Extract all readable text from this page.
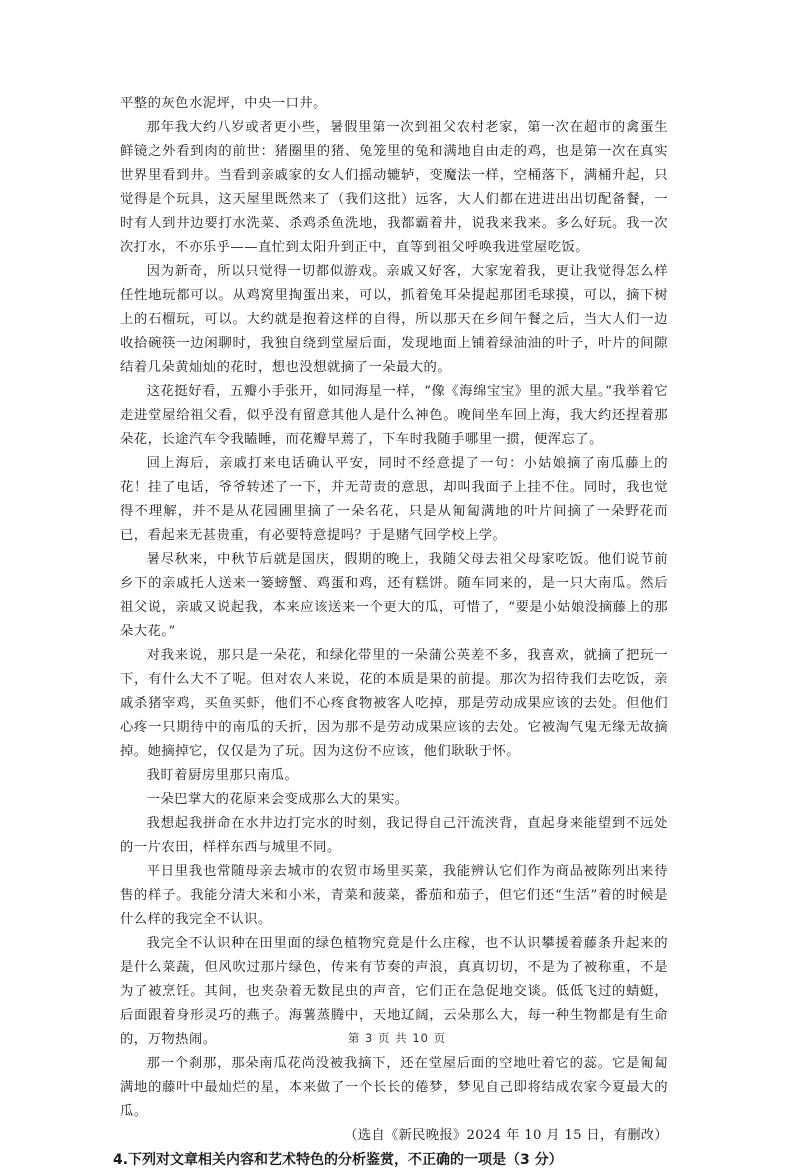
平整的灰色水泥坪，中央一口井。

那年我大约八岁或者更小些，暑假里第一次到祖父农村老家，第一次在超市的禽蛋生鲜镜之外看到肉的前世：猪圈里的猪、兔笼里的兔和满地自由走的鸡，也是第一次在真实世界里看到井。当看到亲戚家的女人们摇动辘轳，变魔法一样，空桶落下，满桶升起，只觉得是个玩具，这天屋里既然来了（我们这批）远客，大人们都在进进出出切配备餐，一时有人到井边要打水洗菜、杀鸡杀鱼洗地，我都霸着井，说我来我来。多么好玩。我一次次打水，不亦乐乎——直忙到太阳升到正中，直等到祖父呼唤我进堂屋吃饭。

因为新奇，所以只觉得一切都似游戏。亲戚又好客，大家宠着我，更让我觉得怎么样任性地玩都可以。从鸡窝里掏蛋出来，可以，抓着兔耳朵提起那团毛球摸，可以，摘下树上的石榴玩，可以。大约就是抱着这样的自得，所以那天在乡间午餐之后，当大人们一边收拾碗筷一边闲聊时，我独自绕到堂屋后面，发现地面上铺着绿油油的叶子，叶片的间隙结着几朵黄灿灿的花时，想也没想就摘了一朵最大的。

这花挺好看，五瓣小手张开，如同海星一样，“像《海绵宝宝》里的派大星。”我举着它走进堂屋给祖父看，似乎没有留意其他人是什么神色。晚间坐车回上海，我大约还捏着那朵花，长途汽车令我瞌睡，而花瓣早蔫了，下车时我随手哪里一掼，便浑忘了。

回上海后，亲戚打来电话确认平安，同时不经意提了一句：小姑娘摘了南瓜藤上的花！挂了电话，爷爷转述了一下，并无苛责的意思，却叫我面子上挂不住。同时，我也觉得不理解，并不是从花园圃里摘了一朵名花，只是从匍匐满地的叶片间摘了一朵野花而已，看起来无甚贵重，有必要特意提吗？于是赌气回学校上学。

暑尽秋来，中秋节后就是国庆，假期的晚上，我随父母去祖父母家吃饭。他们说节前乡下的亲戚托人送来一篓螃蟹、鸡蛋和鸡，还有糕饼。随车同来的，是一只大南瓜。然后祖父说，亲戚又说起我，本来应该送来一个更大的瓜，可惜了，“要是小姑娘没摘藤上的那朵大花。”

对我来说，那只是一朵花，和绿化带里的一朵蒲公英差不多，我喜欢，就摘了把玩一下，有什么大不了呢。但对农人来说，花的本质是果的前提。那次为招待我们去吃饭，亲戚杀猪宰鸡，买鱼买虾，他们不心疼食物被客人吃掉，那是劳动成果应该的去处。但他们心疼一只期待中的南瓜的夭折，因为那不是劳动成果应该的去处。它被淘气鬼无缘无故摘掉。她摘掉它，仅仅是为了玩。因为这份不应该，他们耿耿于怀。

我盯着厨房里那只南瓜。

一朵巴掌大的花原来会变成那么大的果实。

我想起我拼命在水井边打完水的时刻，我记得自己汗流浃背，直起身来能望到不远处的一片农田，样样东西与城里不同。

平日里我也常随母亲去城市的农贸市场里买菜，我能辨认它们作为商品被陈列出来待售的样子。我能分清大米和小米，青菜和菠菜，番茄和茄子，但它们还“生活”着的时候是什么样的我完全不认识。

我完全不认识种在田里面的绿色植物究竟是什么庄稼，也不认识攀援着藤条升起来的是什么菜蔬，但风吹过那片绿色，传来有节奏的声浪，真真切切，不是为了被称重，不是为了被烹饪。其间，也夹杂着无数昆虫的声音，它们正在急促地交谈。低低飞过的蜻蜓，后面跟着身形灵巧的燕子。海薯蒸腾中，天地辽阔，云朵那么大，每一种生物都是有生命的，万物热闹。

那一个刹那，那朵南瓜花尚没被我摘下，还在堂屋后面的空地吐着它的蕊。它是匍匐满地的藤叶中最灿烂的星，本来做了一个长长的倦梦，梦见自己即将结成农家今夏最大的瓜。

（选自《新民晚报》2024 年 10 月 15 日，有删改）

4.下列对文章相关内容和艺术特色的分析鉴赏，不正确的一项是（3 分）

第 3 页 共 10 页
